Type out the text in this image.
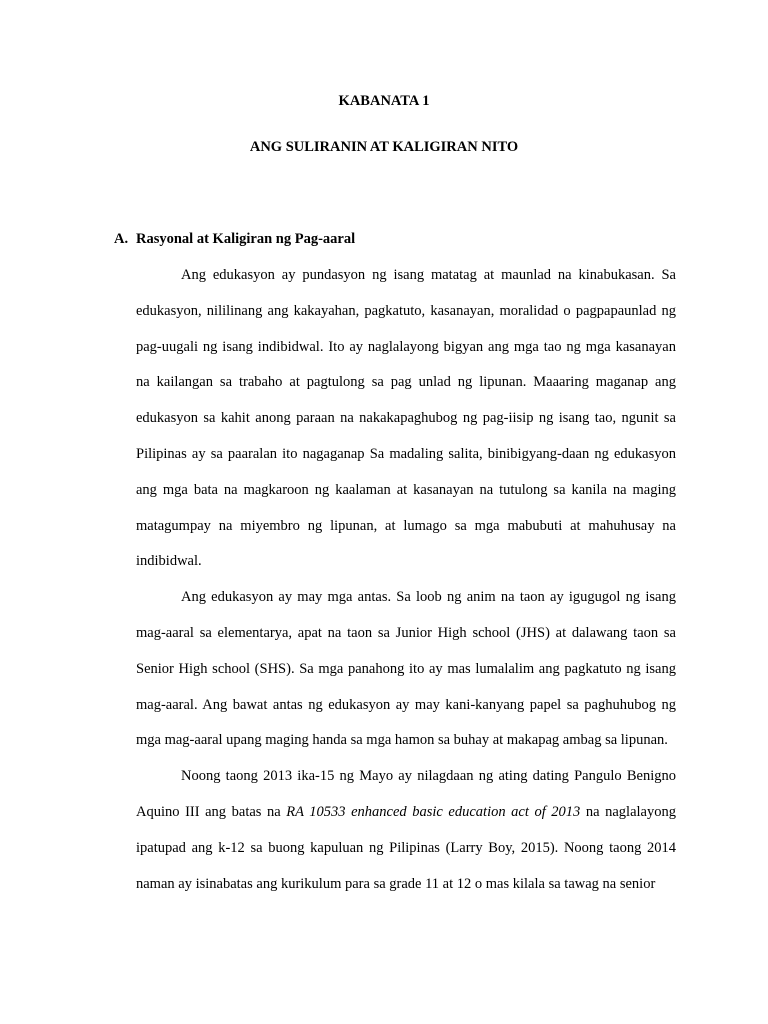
KABANATA 1

ANG SULIRANIN AT KALIGIRAN NITO

A. Rasyonal at Kaligiran ng Pag-aaral

Ang edukasyon ay pundasyon ng isang matatag at maunlad na kinabukasan. Sa edukasyon, nililinang ang kakayahan, pagkatuto, kasanayan, moralidad o pagpapaunlad ng pag-uugali ng isang indibidwal. Ito ay naglalayong bigyan ang mga tao ng mga kasanayan na kailangan sa trabaho at pagtulong sa pag unlad ng lipunan. Maaaring maganap ang edukasyon sa kahit anong paraan na nakakapaghubog ng pag-iisip ng isang tao, ngunit sa Pilipinas ay sa paaralan ito nagaganap Sa madaling salita, binibigyang-daan ng edukasyon ang mga bata na magkaroon ng kaalaman at kasanayan na tutulong sa kanila na maging matagumpay na miyembro ng lipunan, at lumago sa mga mabubuti at mahuhusay na indibidwal.

Ang edukasyon ay may mga antas. Sa loob ng anim na taon ay igugugol ng isang mag-aaral sa elementarya, apat na taon sa Junior High school (JHS) at dalawang taon sa Senior High school (SHS). Sa mga panahong ito ay mas lumalalim ang pagkatuto ng isang mag-aaral. Ang bawat antas ng edukasyon ay may kani-kanyang papel sa paghuhubog ng mga mag-aaral upang maging handa sa mga hamon sa buhay at makapag ambag sa lipunan.

Noong taong 2013 ika-15 ng Mayo ay nilagdaan ng ating dating Pangulo Benigno Aquino III ang batas na RA 10533 enhanced basic education act of 2013 na naglalayong ipatupad ang k-12 sa buong kapuluan ng Pilipinas (Larry Boy, 2015). Noong taong 2014 naman ay isinabatas ang kurikulum para sa grade 11 at 12 o mas kilala sa tawag na senior
